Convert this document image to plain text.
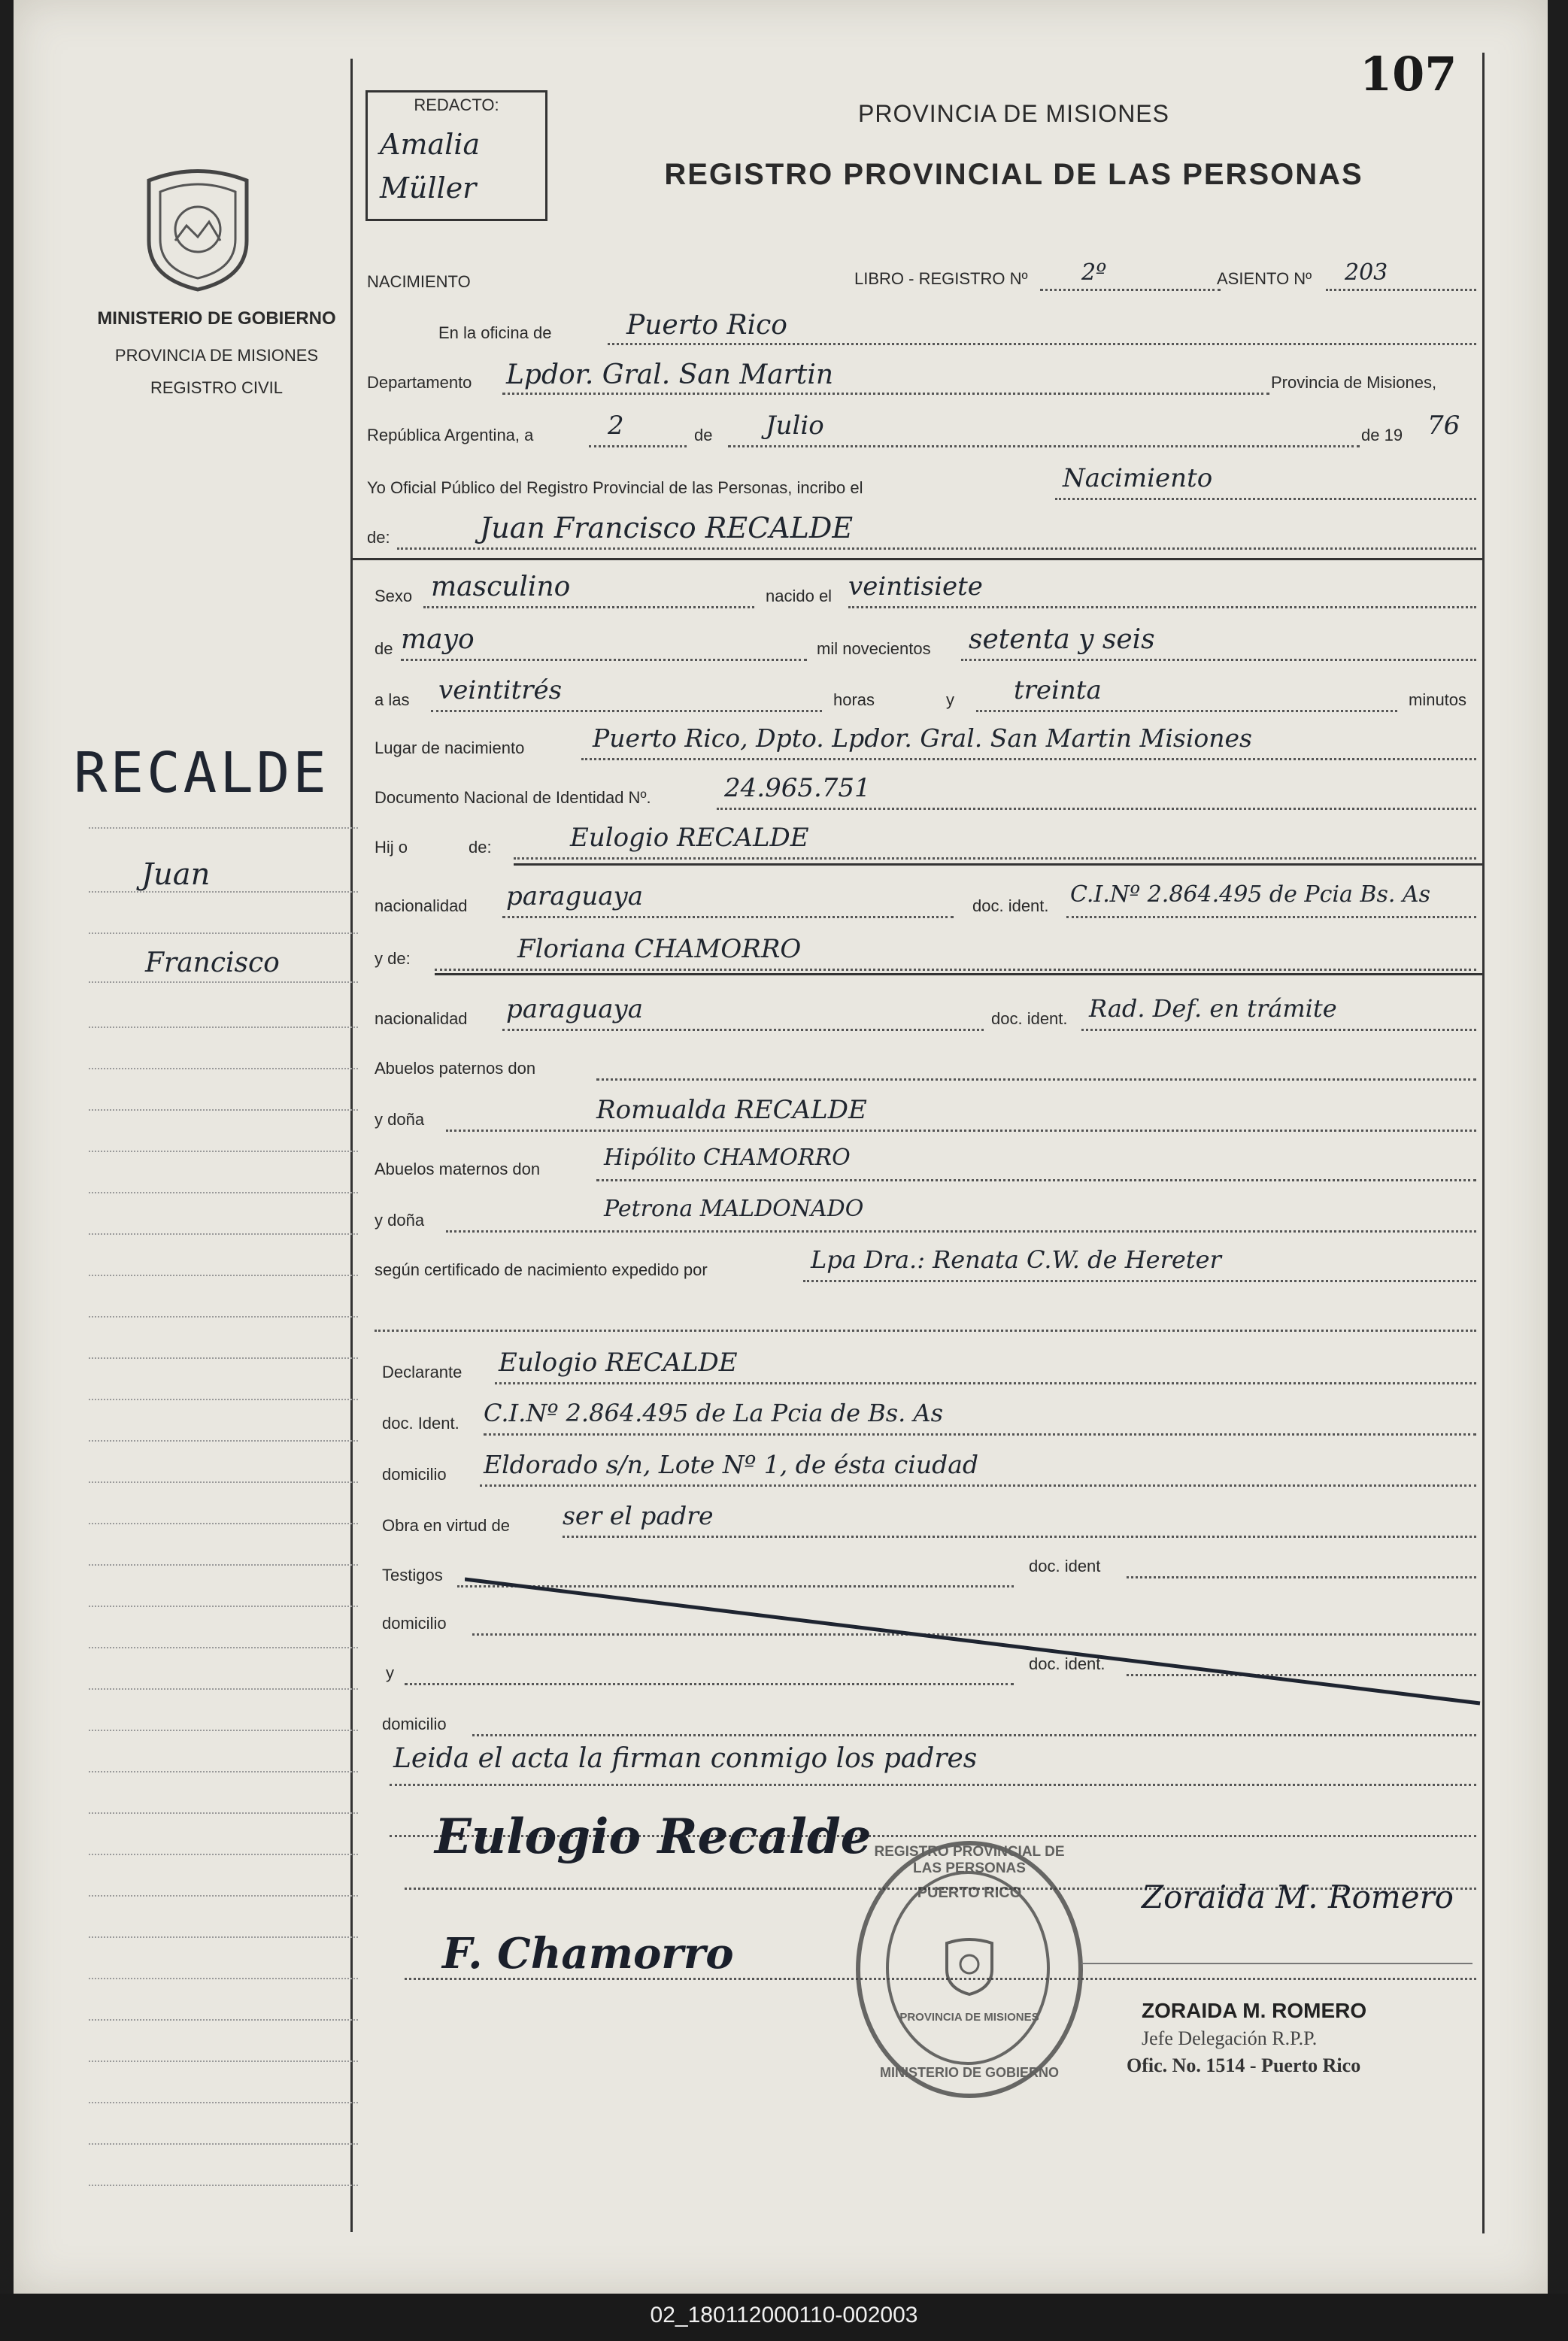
107
REDACTO:
Amalia Müller
PROVINCIA DE MISIONES
REGISTRO PROVINCIAL DE LAS PERSONAS
MINISTERIO DE GOBIERNO
PROVINCIA DE MISIONES
REGISTRO CIVIL
RECALDE
Juan
Francisco
NACIMIENTO	LIBRO - REGISTRO Nº 2º	ASIENTO Nº 203
En la oficina de	Puerto Rico
Departamento Lpdor. Gral. San Martin	Provincia de Misiones,
República Argentina, a	2	de Julio	de 19 76
Yo Oficial Público del Registro Provincial de las Personas, incribo el	Nacimiento
de:	Juan Francisco RECALDE
Sexo masculino	nacido el veintisiete
de mayo	mil novecientos setenta y seis
a las veintitrés	horas	y treinta	minutos
Lugar de nacimiento	Puerto Rico, Dpto. Lpdor. Gral. San Martin Misiones
Documento Nacional de Identidad Nº.	24.965.751
Hij o	de:	Eulogio RECALDE
nacionalidad paraguaya	doc. ident. C.I.Nº 2.864.495 de Pcia Bs. As
y de:	Floriana CHAMORRO
nacionalidad paraguaya	doc. ident. Rad. Def. en trámite
Abuelos paternos don
y doña	Romualda RECALDE
Abuelos maternos don	Hipólito CHAMORRO
y doña	Petrona MALDONADO
según certificado de nacimiento expedido por	Lpa Dra.: Renata C.W. de Hereter
Declarante Eulogio RECALDE
doc. Ident. C.I.Nº 2.864.495 de La Pcia de Bs. As
domicilio Eldorado s/n, Lote Nº 1, de ésta ciudad
Obra en virtud de ser el padre
Testigos	doc. ident
domicilio
y	doc. ident.
domicilio
Leida el acta la firman conmigo los padres
Eulogio Recalde
F. Chamorro
Zoraida M. Romero
REGISTRO PROVINCIAL DE LAS PERSONAS
PUERTO RICO
PROVINCIA DE MISIONES
MINISTERIO DE GOBIERNO
ZORAIDA M. ROMERO
Jefe Delegación R.P.P.
Ofic. No. 1514 - Puerto Rico
02_180112000110-002003
